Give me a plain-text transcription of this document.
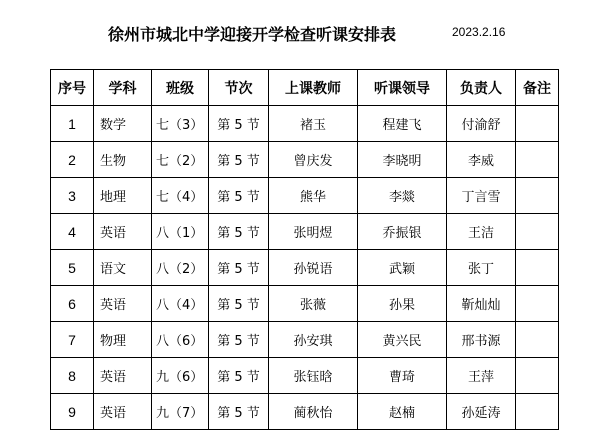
徐州市城北中学迎接开学检查听课安排表	2023.2.16
序号	学科	班级	节次	上课教师	听课领导	负责人	备注
1	数学	七（3）	第 5 节	褚玉	程建飞	付渝舒	
2	生物	七（2）	第 5 节	曾庆发	李晓明	李威	
3	地理	七（4）	第 5 节	熊华	李燚	丁言雪	
4	英语	八（1）	第 5 节	张明煜	乔振银	王洁	
5	语文	八（2）	第 5 节	孙锐语	武颖	张丁	
6	英语	八（4）	第 5 节	张薇	孙果	靳灿灿	
7	物理	八（6）	第 5 节	孙安琪	黄兴民	邢书源	
8	英语	九（6）	第 5 节	张钰晗	曹琦	王萍	
9	英语	九（7）	第 5 节	蔺秋怡	赵楠	孙延涛	
